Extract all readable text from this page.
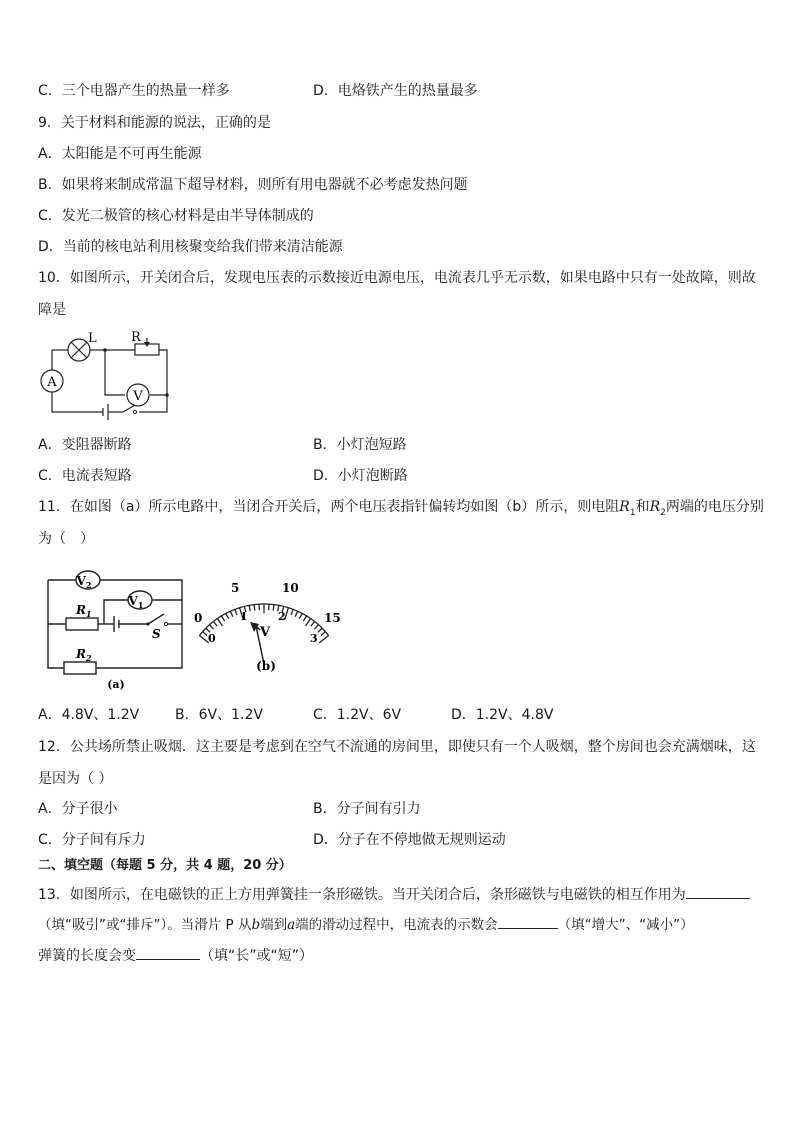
C．三个电器产生的热量一样多	D．电烙铁产生的热量最多
9．关于材料和能源的说法，正确的是
A．太阳能是不可再生能源
B．如果将来制成常温下超导材料，则所有用电器就不必考虑发热问题
C．发光二极管的核心材料是由半导体制成的
D．当前的核电站利用核聚变给我们带来清洁能源
10．如图所示，开关闭合后，发现电压表的示数接近电源电压，电流表几乎无示数，如果电路中只有一处故障，则故
障是
A
L	R
V
A．变阻器断路	B．小灯泡短路
C．电流表短路	D．小灯泡断路
11．在如图（a）所示电路中，当闭合开关后，两个电压表指针偏转均如图（b）所示，则电阻$R_1$和$R_2$两端的电压分别
为（　）
$V_2$
$V_1$
$R_1$
$R_2$
S
(a)
0
5	10
15
0
1	2
3
V
(b)
A．4.8V、1.2V	B．6V、1.2V	C．1.2V、6V	D．1.2V、4.8V
12．公共场所禁止吸烟．这主要是考虑到在空气不流通的房间里，即使只有一个人吸烟，整个房间也会充满烟味，这
是因为（ ）
A．分子很小	B．分子间有引力
C．分子间有斥力	D．分子在不停地做无规则运动
二、填空题（每题 5 分，共 4 题，20 分）
13．如图所示，在电磁铁的正上方用弹簧挂一条形磁铁。当开关闭合后，条形磁铁与电磁铁的相互作用为
（填“吸引”或“排斥”）。当滑片 P 从b端到a端的滑动过程中，电流表的示数会	（填“增大”、“减小”）
弹簧的长度会变	（填“长”或“短”）
